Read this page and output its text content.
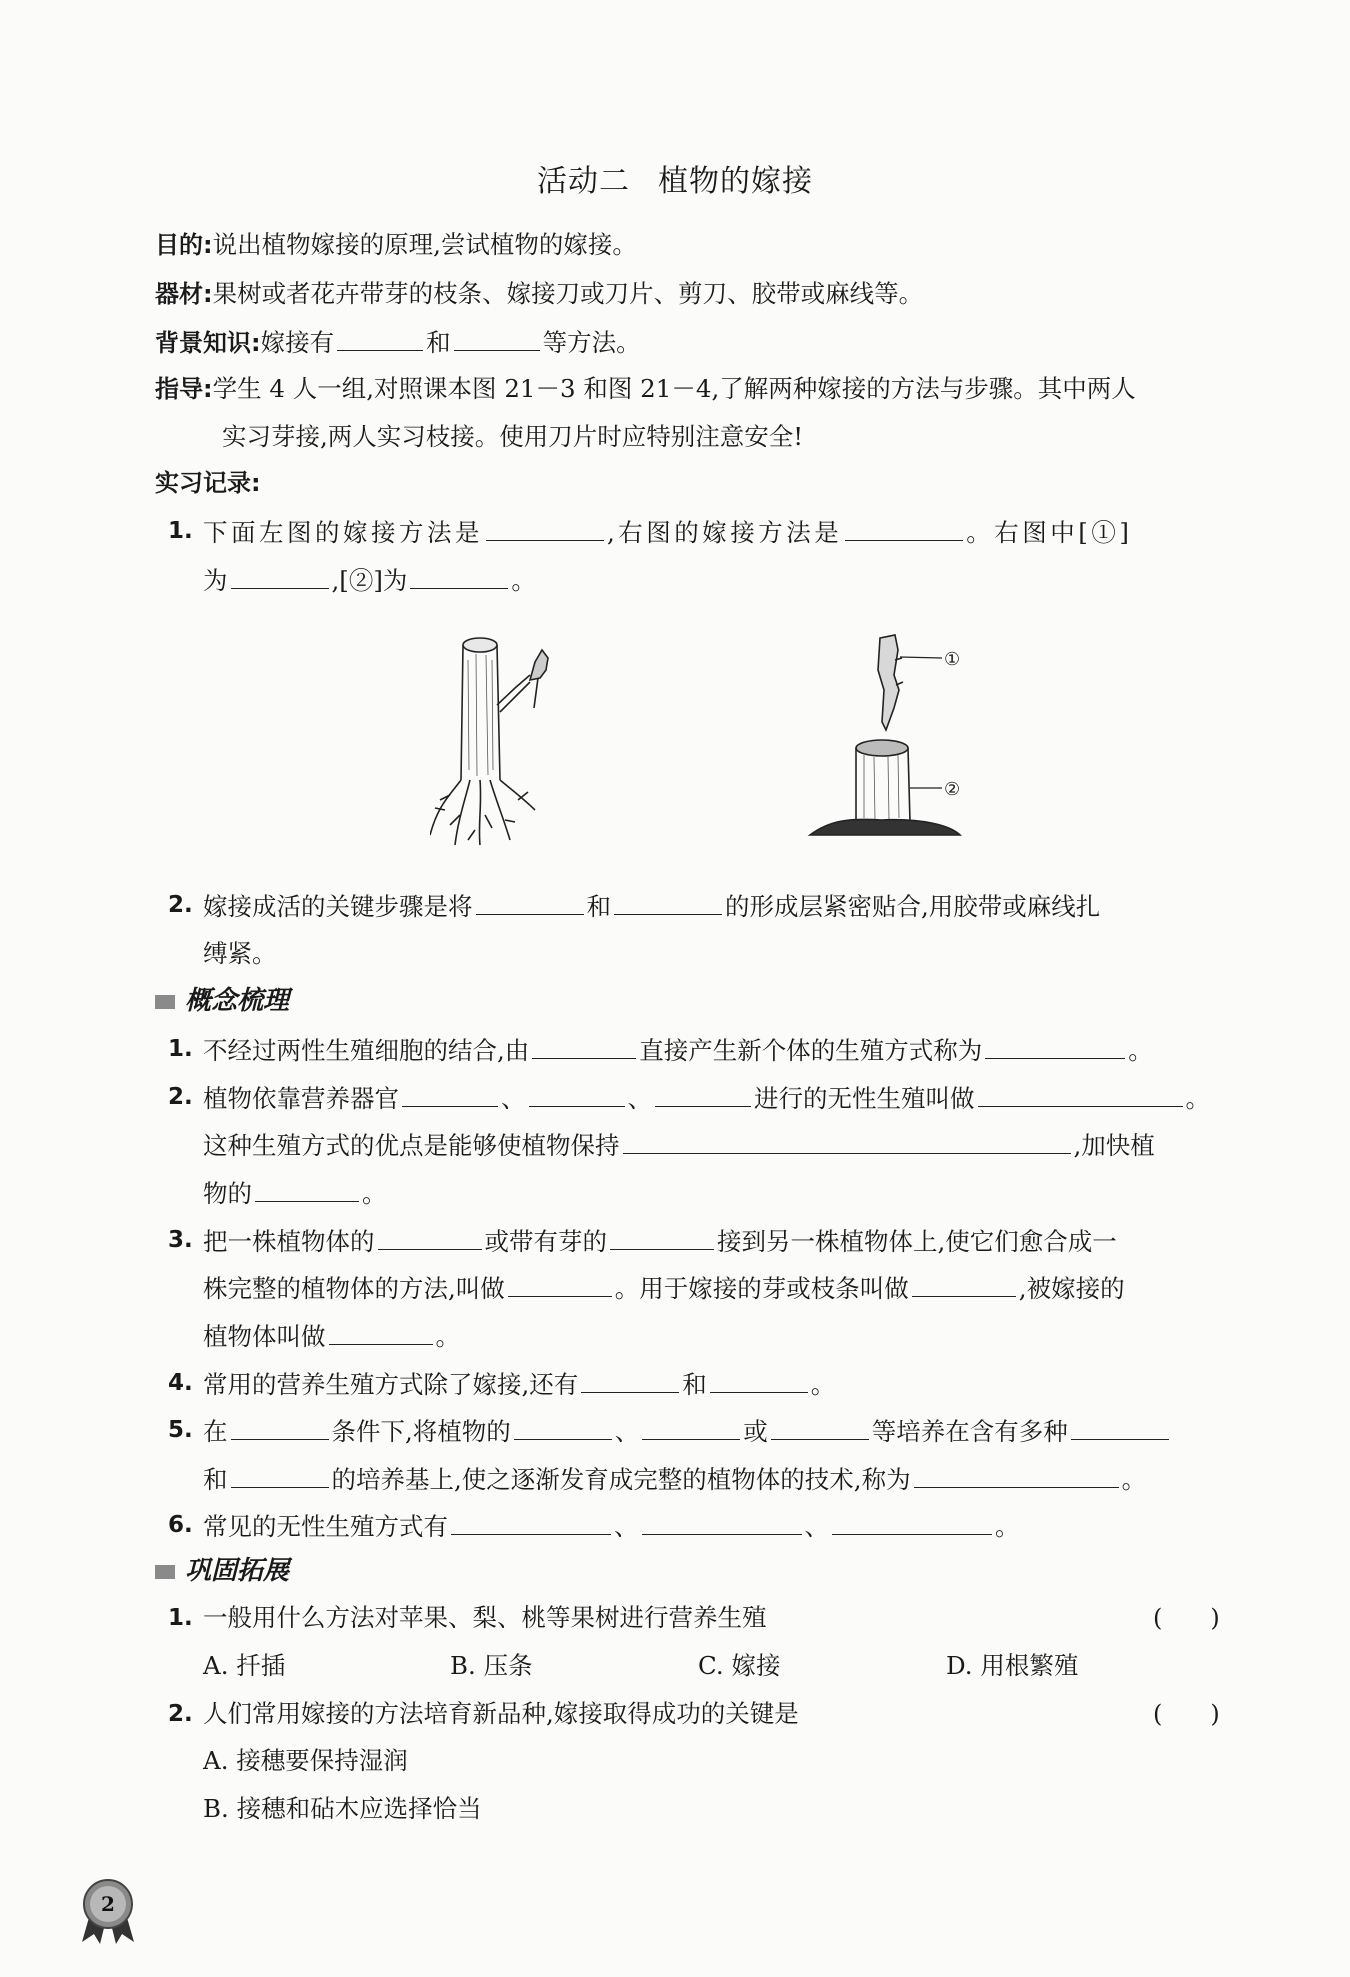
活动二 植物的嫁接
目的:说出植物嫁接的原理,尝试植物的嫁接。
器材:果树或者花卉带芽的枝条、嫁接刀或刀片、剪刀、胶带或麻线等。
背景知识:嫁接有	和	等方法。
指导:学生 4 人一组,对照课本图 21－3 和图 21－4,了解两种嫁接的方法与步骤。其中两人
实习芽接,两人实习枝接。使用刀片时应特别注意安全!
实习记录:
1. 下面左图的嫁接方法是	,右图的嫁接方法是	。右图中[①]
为	,[②]为	。
①
②
2. 嫁接成活的关键步骤是将	和	的形成层紧密贴合,用胶带或麻线扎
缚紧。
概念梳理
1. 不经过两性生殖细胞的结合,由	直接产生新个体的生殖方式称为	。
2. 植物依靠营养器官	、	、	进行的无性生殖叫做	。
这种生殖方式的优点是能够使植物保持	,加快植
物的	。
3. 把一株植物体的	或带有芽的	接到另一株植物体上,使它们愈合成一
株完整的植物体的方法,叫做	。用于嫁接的芽或枝条叫做	,被嫁接的
植物体叫做	。
4. 常用的营养生殖方式除了嫁接,还有	和	。
5. 在	条件下,将植物的	、	或	等培养在含有多种
和	的培养基上,使之逐渐发育成完整的植物体的技术,称为	。
6. 常见的无性生殖方式有	、	、	。
巩固拓展
1. 一般用什么方法对苹果、梨、桃等果树进行营养生殖	(　　)
A. 扦插	B. 压条	C. 嫁接	D. 用根繁殖
2. 人们常用嫁接的方法培育新品种,嫁接取得成功的关键是	(　　)
A. 接穗要保持湿润
B. 接穗和砧木应选择恰当
2
